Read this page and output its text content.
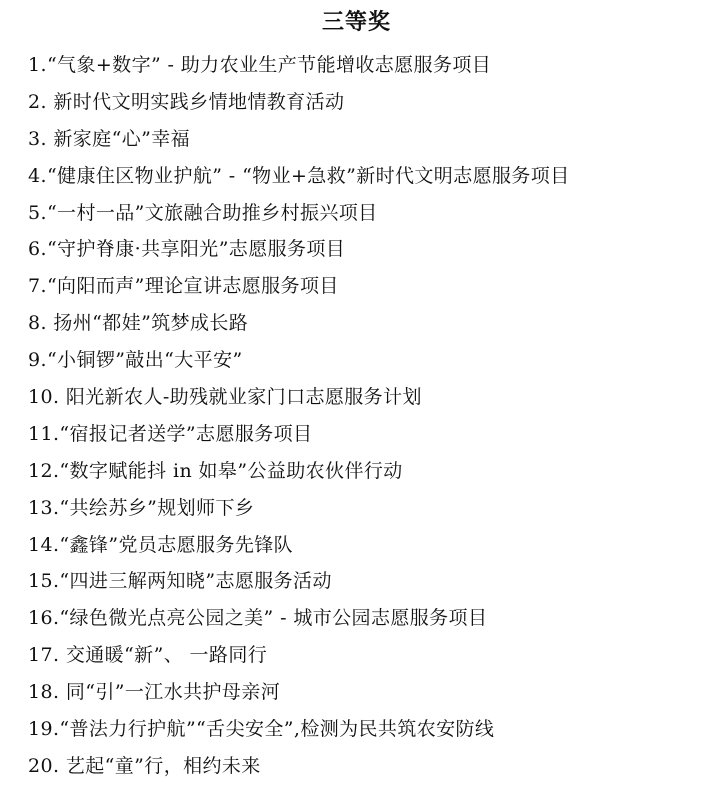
三等奖
1.“气象+数字” - 助力农业生产节能增收志愿服务项目
2. 新时代文明实践乡情地情教育活动
3. 新家庭“心”幸福
4.“健康住区物业护航” - “物业+急救”新时代文明志愿服务项目
5.“一村一品”文旅融合助推乡村振兴项目
6.“守护脊康·共享阳光”志愿服务项目
7.“向阳而声”理论宣讲志愿服务项目
8. 扬州“都娃”筑梦成长路
9.“小铜锣”敲出“大平安”
10. 阳光新农人-助残就业家门口志愿服务计划
11.“宿报记者送学”志愿服务项目
12.“数字赋能抖 in 如皋”公益助农伙伴行动
13.“共绘苏乡”规划师下乡
14.“鑫锋”党员志愿服务先锋队
15.“四进三解两知晓”志愿服务活动
16.“绿色微光点亮公园之美” - 城市公园志愿服务项目
17. 交通暖“新”、 一路同行
18. 同“引”一江水共护母亲河
19.“普法力行护航”“舌尖安全”,检测为民共筑农安防线
20. 艺起“童”行，相约未来
